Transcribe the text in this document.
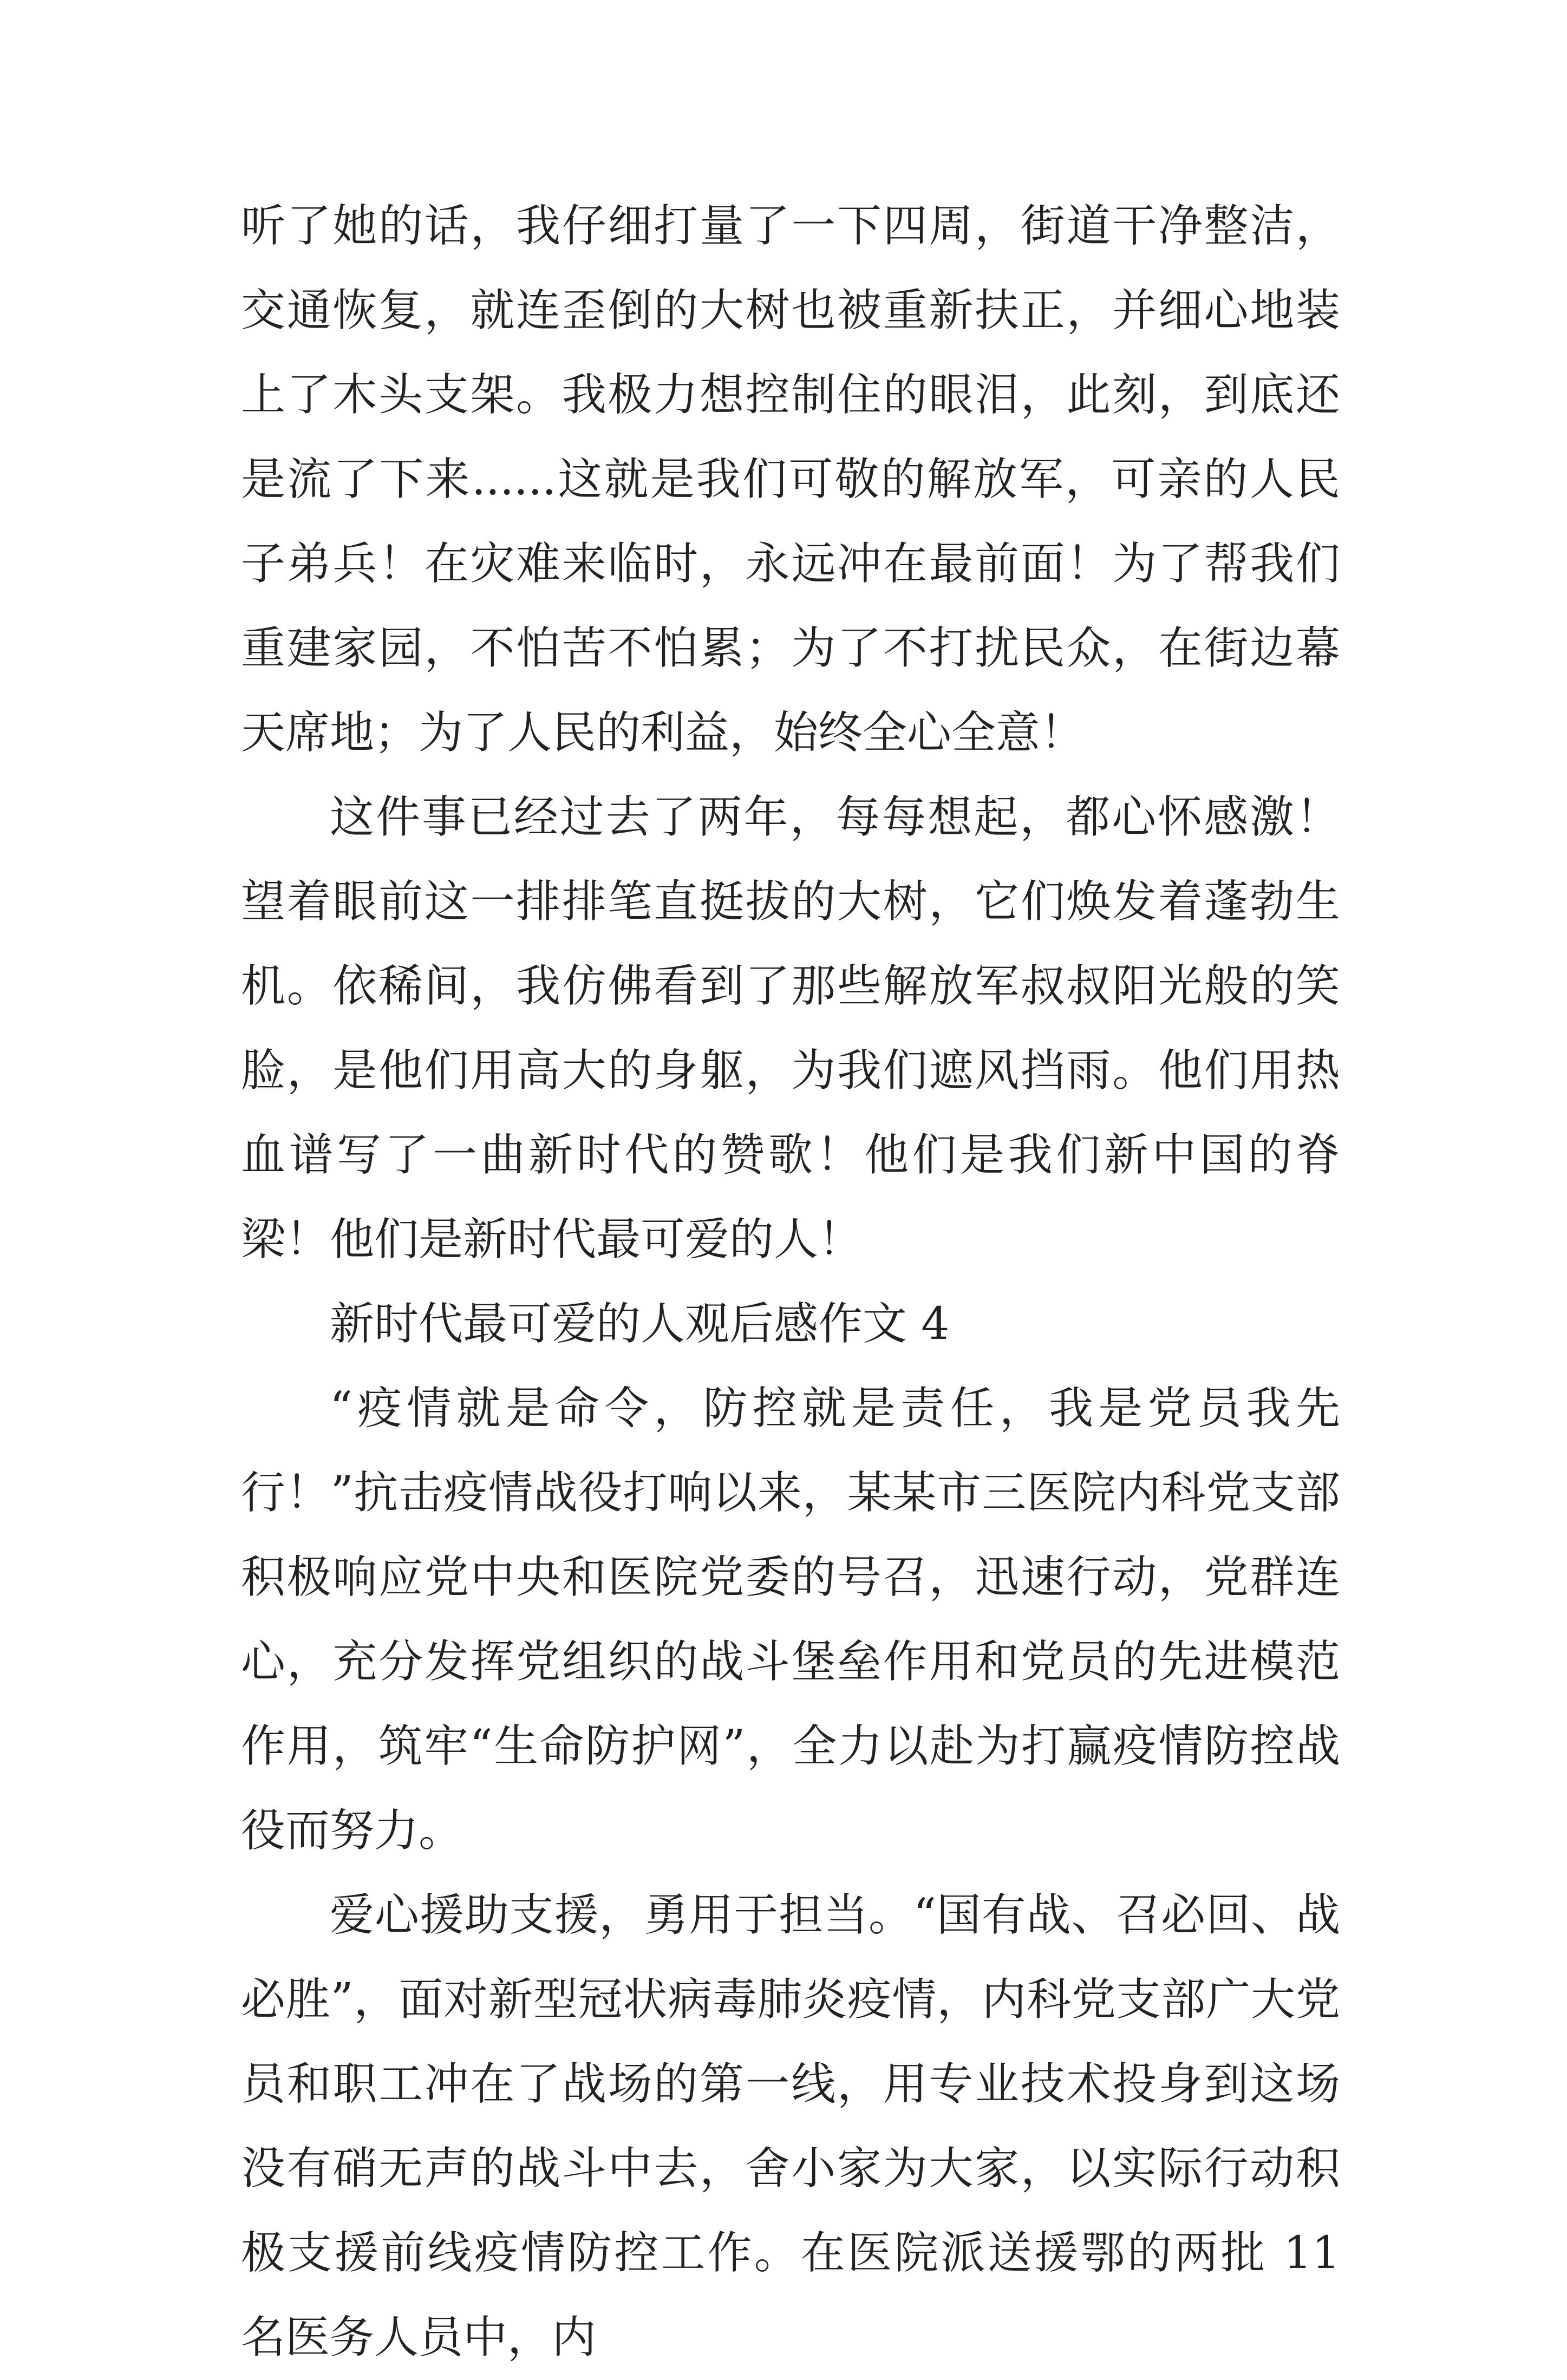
听了她的话，我仔细打量了一下四周，街道干净整洁，交通恢复，就连歪倒的大树也被重新扶正，并细心地装上了木头支架。我极力想控制住的眼泪，此刻，到底还是流了下来......这就是我们可敬的解放军，可亲的人民子弟兵！在灾难来临时，永远冲在最前面！为了帮我们重建家园，不怕苦不怕累；为了不打扰民众，在街边幕天席地；为了人民的利益，始终全心全意！

这件事已经过去了两年，每每想起，都心怀感激！望着眼前这一排排笔直挺拔的大树，它们焕发着蓬勃生机。依稀间，我仿佛看到了那些解放军叔叔阳光般的笑脸，是他们用高大的身躯，为我们遮风挡雨。他们用热血谱写了一曲新时代的赞歌！他们是我们新中国的脊梁！他们是新时代最可爱的人！

新时代最可爱的人观后感作文 4

“疫情就是命令，防控就是责任，我是党员我先行！”抗击疫情战役打响以来，某某市三医院内科党支部积极响应党中央和医院党委的号召，迅速行动，党群连心，充分发挥党组织的战斗堡垒作用和党员的先进模范作用，筑牢“生命防护网”，全力以赴为打赢疫情防控战役而努力。

爱心援助支援，勇用于担当。“国有战、召必回、战必胜”，面对新型冠状病毒肺炎疫情，内科党支部广大党员和职工冲在了战场的第一线，用专业技术投身到这场没有硝无声的战斗中去，舍小家为大家，以实际行动积极支援前线疫情防控工作。在医院派送援鄂的两批 11 名医务人员中，内
